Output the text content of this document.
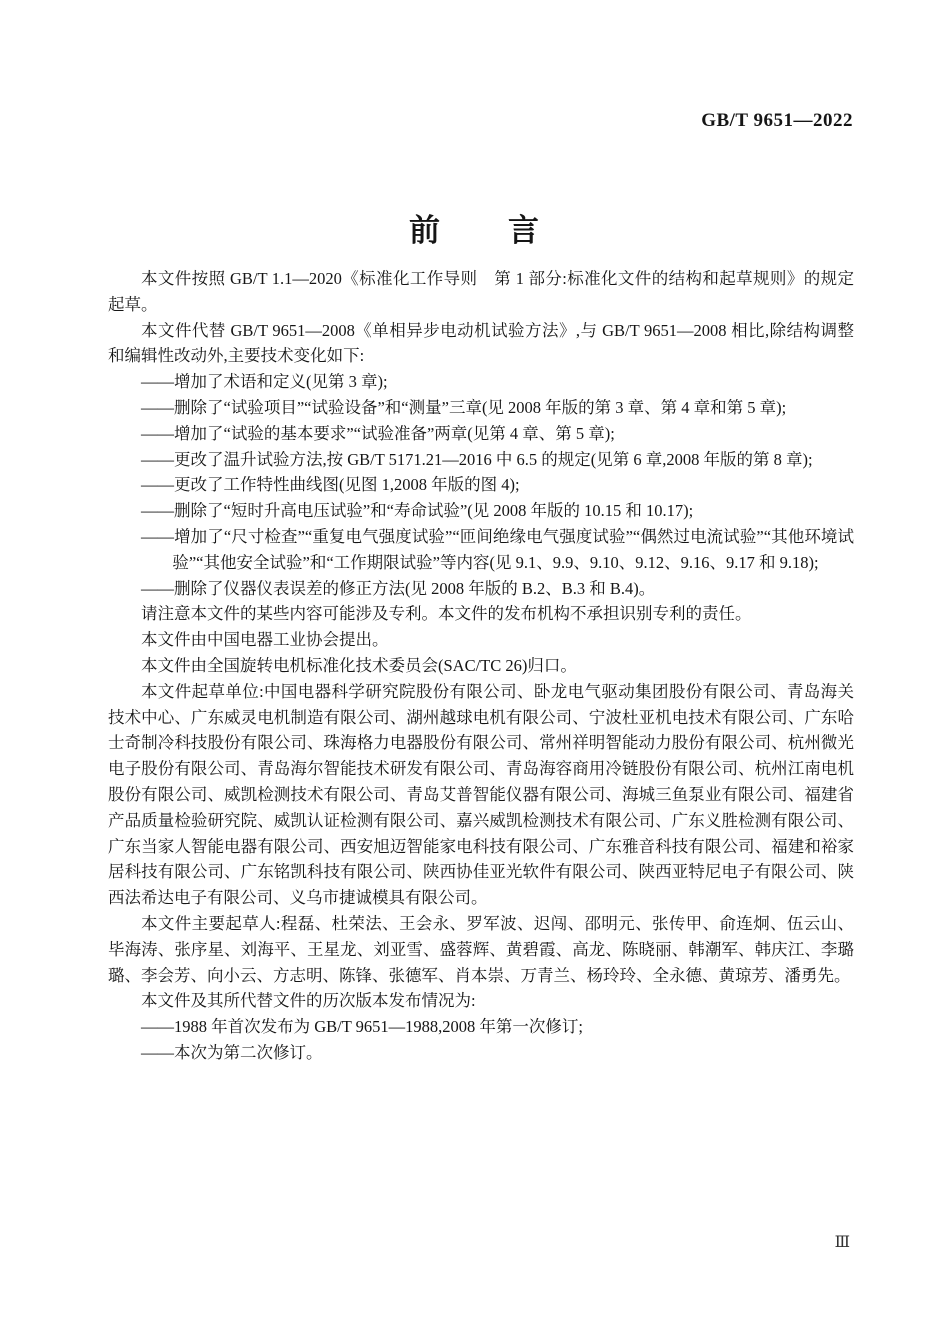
GB/T 9651—2022
前　　言

本文件按照 GB/T 1.1—2020《标准化工作导则　第 1 部分:标准化文件的结构和起草规则》的规定起草。

本文件代替 GB/T 9651—2008《单相异步电动机试验方法》,与 GB/T 9651—2008 相比,除结构调整和编辑性改动外,主要技术变化如下:

——增加了术语和定义(见第 3 章);

——删除了“试验项目”“试验设备”和“测量”三章(见 2008 年版的第 3 章、第 4 章和第 5 章);

——增加了“试验的基本要求”“试验准备”两章(见第 4 章、第 5 章);

——更改了温升试验方法,按 GB/T 5171.21—2016 中 6.5 的规定(见第 6 章,2008 年版的第 8 章);

——更改了工作特性曲线图(见图 1,2008 年版的图 4);

——删除了“短时升高电压试验”和“寿命试验”(见 2008 年版的 10.15 和 10.17);

——增加了“尺寸检查”“重复电气强度试验”“匝间绝缘电气强度试验”“偶然过电流试验”“其他环境试验”“其他安全试验”和“工作期限试验”等内容(见 9.1、9.9、9.10、9.12、9.16、9.17 和 9.18);

——删除了仪器仪表误差的修正方法(见 2008 年版的 B.2、B.3 和 B.4)。

请注意本文件的某些内容可能涉及专利。本文件的发布机构不承担识别专利的责任。

本文件由中国电器工业协会提出。

本文件由全国旋转电机标准化技术委员会(SAC/TC 26)归口。

本文件起草单位:中国电器科学研究院股份有限公司、卧龙电气驱动集团股份有限公司、青岛海关技术中心、广东威灵电机制造有限公司、湖州越球电机有限公司、宁波杜亚机电技术有限公司、广东哈士奇制冷科技股份有限公司、珠海格力电器股份有限公司、常州祥明智能动力股份有限公司、杭州微光电子股份有限公司、青岛海尔智能技术研发有限公司、青岛海容商用冷链股份有限公司、杭州江南电机股份有限公司、威凯检测技术有限公司、青岛艾普智能仪器有限公司、海城三鱼泵业有限公司、福建省产品质量检验研究院、威凯认证检测有限公司、嘉兴威凯检测技术有限公司、广东义胜检测有限公司、广东当家人智能电器有限公司、西安旭迈智能家电科技有限公司、广东雅音科技有限公司、福建和裕家居科技有限公司、广东铭凯科技有限公司、陕西协佳亚光软件有限公司、陕西亚特尼电子有限公司、陕西法希达电子有限公司、义乌市捷诚模具有限公司。

本文件主要起草人:程磊、杜荣法、王会永、罗军波、迟闯、邵明元、张传甲、俞连炯、伍云山、毕海涛、张序星、刘海平、王星龙、刘亚雪、盛蓉辉、黄碧霞、高龙、陈晓丽、韩潮军、韩庆江、李璐璐、李会芳、向小云、方志明、陈锋、张德军、肖本崇、万青兰、杨玲玲、全永德、黄琼芳、潘勇先。

本文件及其所代替文件的历次版本发布情况为:

——1988 年首次发布为 GB/T 9651—1988,2008 年第一次修订;

——本次为第二次修订。

Ⅲ
